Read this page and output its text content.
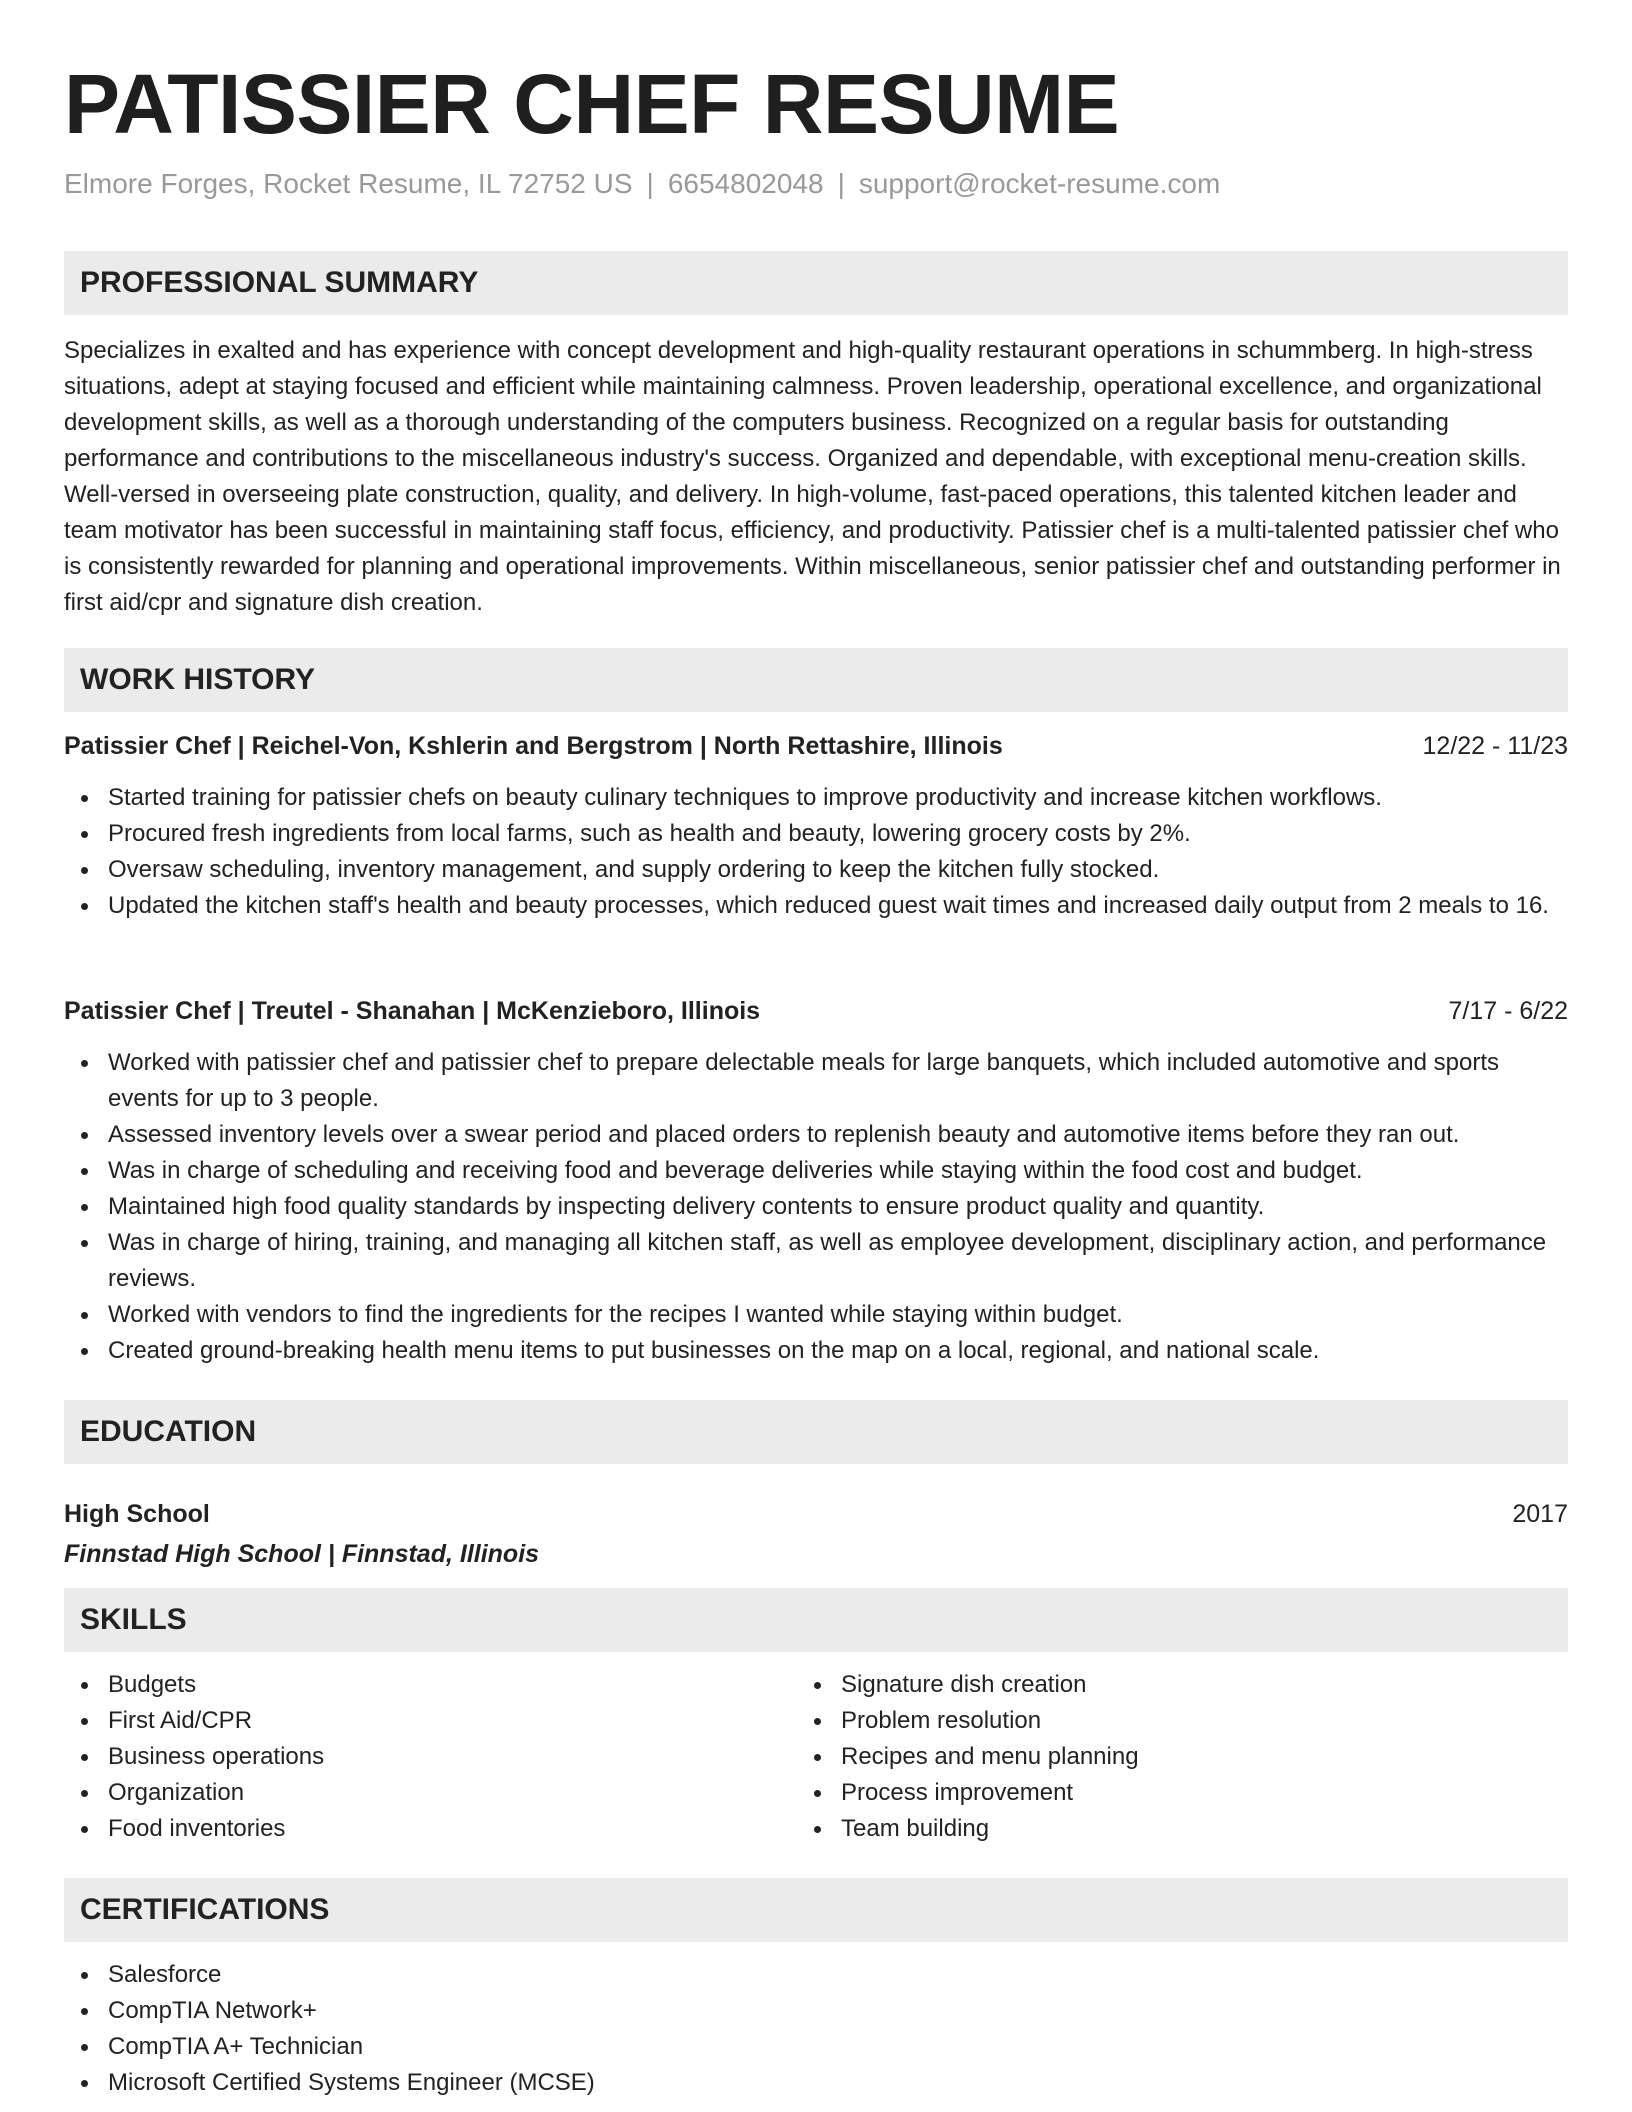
PATISSIER CHEF RESUME
Elmore Forges, Rocket Resume, IL 72752 US | 6654802048 | support@rocket-resume.com
PROFESSIONAL SUMMARY

Specializes in exalted and has experience with concept development and high-quality restaurant operations in schummberg. In high-stress situations, adept at staying focused and efficient while maintaining calmness. Proven leadership, operational excellence, and organizational development skills, as well as a thorough understanding of the computers business. Recognized on a regular basis for outstanding performance and contributions to the miscellaneous industry's success. Organized and dependable, with exceptional menu-creation skills. Well-versed in overseeing plate construction, quality, and delivery. In high-volume, fast-paced operations, this talented kitchen leader and team motivator has been successful in maintaining staff focus, efficiency, and productivity. Patissier chef is a multi-talented patissier chef who is consistently rewarded for planning and operational improvements. Within miscellaneous, senior patissier chef and outstanding performer in first aid/cpr and signature dish creation.

WORK HISTORY
Patissier Chef | Reichel-Von, Kshlerin and Bergstrom | North Rettashire, Illinois	12/22 - 11/23
Started training for patissier chefs on beauty culinary techniques to improve productivity and increase kitchen workflows.
Procured fresh ingredients from local farms, such as health and beauty, lowering grocery costs by 2%.
Oversaw scheduling, inventory management, and supply ordering to keep the kitchen fully stocked.
Updated the kitchen staff's health and beauty processes, which reduced guest wait times and increased daily output from 2 meals to 16.
Patissier Chef | Treutel - Shanahan | McKenzieboro, Illinois	7/17 - 6/22
Worked with patissier chef and patissier chef to prepare delectable meals for large banquets, which included automotive and sports events for up to 3 people.
Assessed inventory levels over a swear period and placed orders to replenish beauty and automotive items before they ran out.
Was in charge of scheduling and receiving food and beverage deliveries while staying within the food cost and budget.
Maintained high food quality standards by inspecting delivery contents to ensure product quality and quantity.
Was in charge of hiring, training, and managing all kitchen staff, as well as employee development, disciplinary action, and performance reviews.
Worked with vendors to find the ingredients for the recipes I wanted while staying within budget.
Created ground-breaking health menu items to put businesses on the map on a local, regional, and national scale.
EDUCATION
High School	2017
Finnstad High School | Finnstad, Illinois
SKILLS
Budgets
First Aid/CPR
Business operations
Organization
Food inventories
Signature dish creation
Problem resolution
Recipes and menu planning
Process improvement
Team building
CERTIFICATIONS
Salesforce
CompTIA Network+
CompTIA A+ Technician
Microsoft Certified Systems Engineer (MCSE)
